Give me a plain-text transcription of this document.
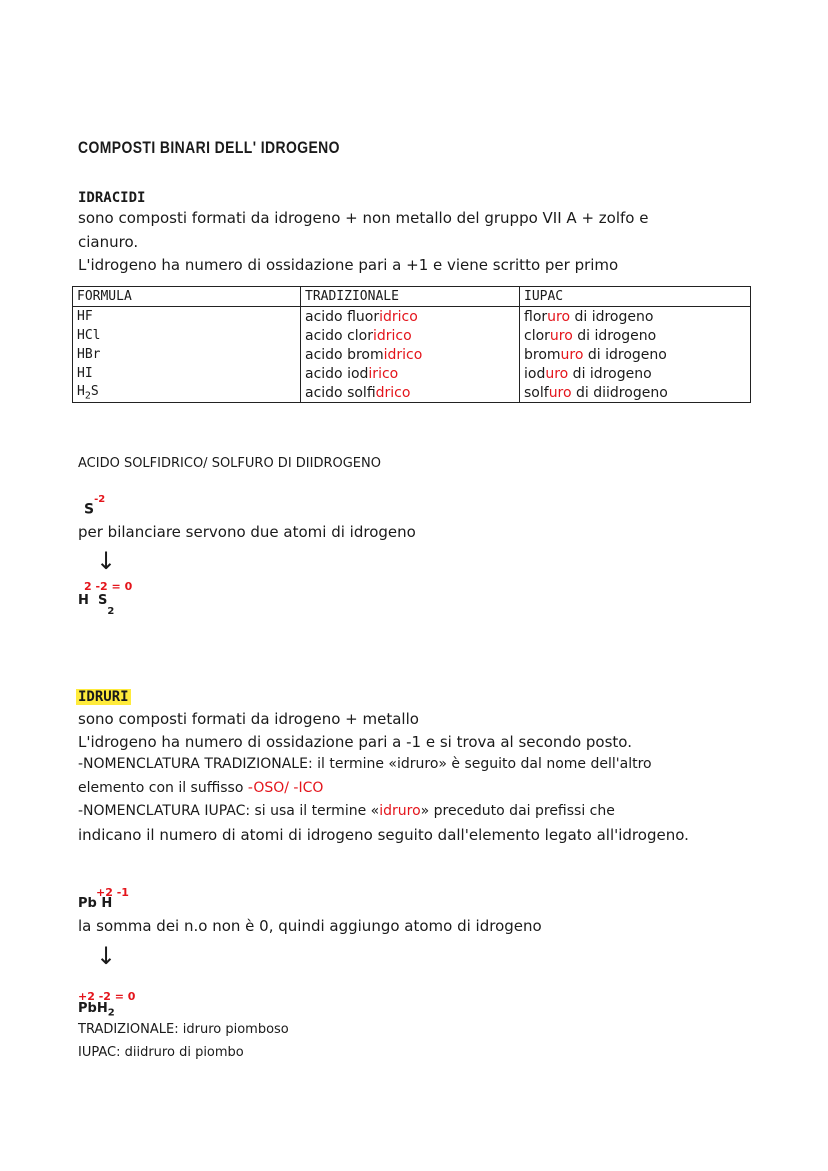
COMPOSTI BINARI DELL' IDROGENO
IDRACIDI
sono composti formati da idrogeno + non metallo del gruppo VII A + zolfo e
cianuro.
L'idrogeno ha numero di ossidazione pari a +1 e viene scritto per primo
FORMULA	TRADIZIONALE	IUPAC
HF	acido fluoridrico	floruro di idrogeno
HCl	acido cloridrico	cloruro di idrogeno
HBr	acido bromidrico	bromuro di idrogeno
HI	acido iodirico	ioduro di idrogeno
$H_2S$	acido solfidrico	solfuro di diidrogeno
ACIDO SOLFIDRICO/ SOLFURO DI DIIDROGENO
$S^{-2}$
per bilanciare servono due atomi di idrogeno
↓
2 -2 = 0
H $S_2$
IDRURI
sono composti formati da idrogeno + metallo
L'idrogeno ha numero di ossidazione pari a -1 e si trova al secondo posto.
-NOMENCLATURA TRADIZIONALE: il termine «idruro» è seguito dal nome dell'altro
elemento con il suffisso -OSO/ -ICO
-NOMENCLATURA IUPAC: si usa il termine «idruro» preceduto dai prefissi che
indicano il numero di atomi di idrogeno seguito dall'elemento legato all'idrogeno.
+2 -1
Pb H
la somma dei n.o non è 0, quindi aggiungo atomo di idrogeno
↓
+2 -2 = 0
PbH$_2$
TRADIZIONALE: idruro piomboso
IUPAC: diidruro di piombo
